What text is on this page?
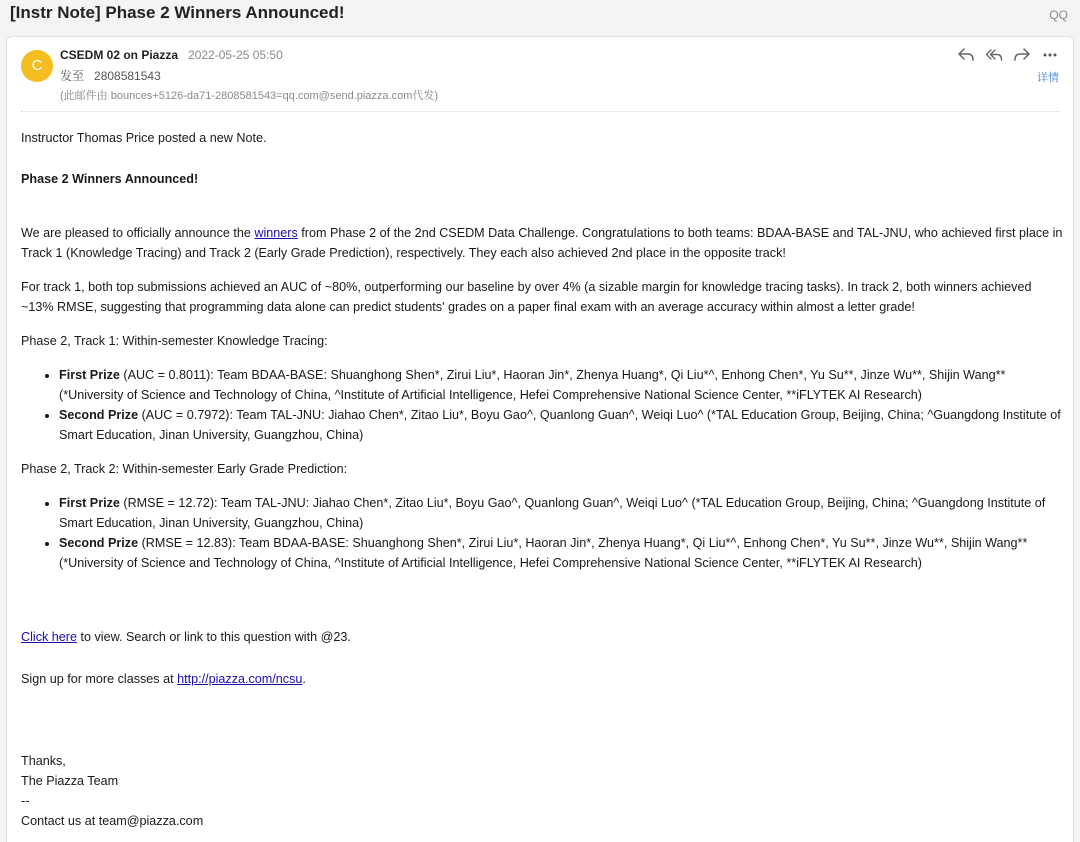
[Instr Note] Phase 2 Winners Announced!	QQ
C
CSEDM 02 on Piazza 2022-05-25 05:50
发至 2808581543
(此邮件由 bounces+5126-da71-2808581543=qq.com@send.piazza.com代发)
详情

Instructor Thomas Price posted a new Note.

Phase 2 Winners Announced!

We are pleased to officially announce the winners from Phase 2 of the 2nd CSEDM Data Challenge. Congratulations to both teams: BDAA-BASE and TAL-JNU, who achieved first place in Track 1 (Knowledge Tracing) and Track 2 (Early Grade Prediction), respectively. They each also achieved 2nd place in the opposite track!

For track 1, both top submissions achieved an AUC of ~80%, outperforming our baseline by over 4% (a sizable margin for knowledge tracing tasks). In track 2, both winners achieved ~13% RMSE, suggesting that programming data alone can predict students' grades on a paper final exam with an average accuracy within almost a letter grade!

Phase 2, Track 1: Within-semester Knowledge Tracing:

• First Prize (AUC = 0.8011): Team BDAA-BASE: Shuanghong Shen*, Zirui Liu*, Haoran Jin*, Zhenya Huang*, Qi Liu*^, Enhong Chen*, Yu Su**, Jinze Wu**, Shijin Wang** (*University of Science and Technology of China, ^Institute of Artificial Intelligence, Hefei Comprehensive National Science Center, **iFLYTEK AI Research)
• Second Prize (AUC = 0.7972): Team TAL-JNU: Jiahao Chen*, Zitao Liu*, Boyu Gao^, Quanlong Guan^, Weiqi Luo^ (*TAL Education Group, Beijing, China; ^Guangdong Institute of Smart Education, Jinan University, Guangzhou, China)

Phase 2, Track 2: Within-semester Early Grade Prediction:

• First Prize (RMSE = 12.72): Team TAL-JNU: Jiahao Chen*, Zitao Liu*, Boyu Gao^, Quanlong Guan^, Weiqi Luo^ (*TAL Education Group, Beijing, China; ^Guangdong Institute of Smart Education, Jinan University, Guangzhou, China)
• Second Prize (RMSE = 12.83): Team BDAA-BASE: Shuanghong Shen*, Zirui Liu*, Haoran Jin*, Zhenya Huang*, Qi Liu*^, Enhong Chen*, Yu Su**, Jinze Wu**, Shijin Wang** (*University of Science and Technology of China, ^Institute of Artificial Intelligence, Hefei Comprehensive National Science Center, **iFLYTEK AI Research)

Click here to view. Search or link to this question with @23.

Sign up for more classes at http://piazza.com/ncsu.

Thanks,

The Piazza Team

--

Contact us at team@piazza.com
